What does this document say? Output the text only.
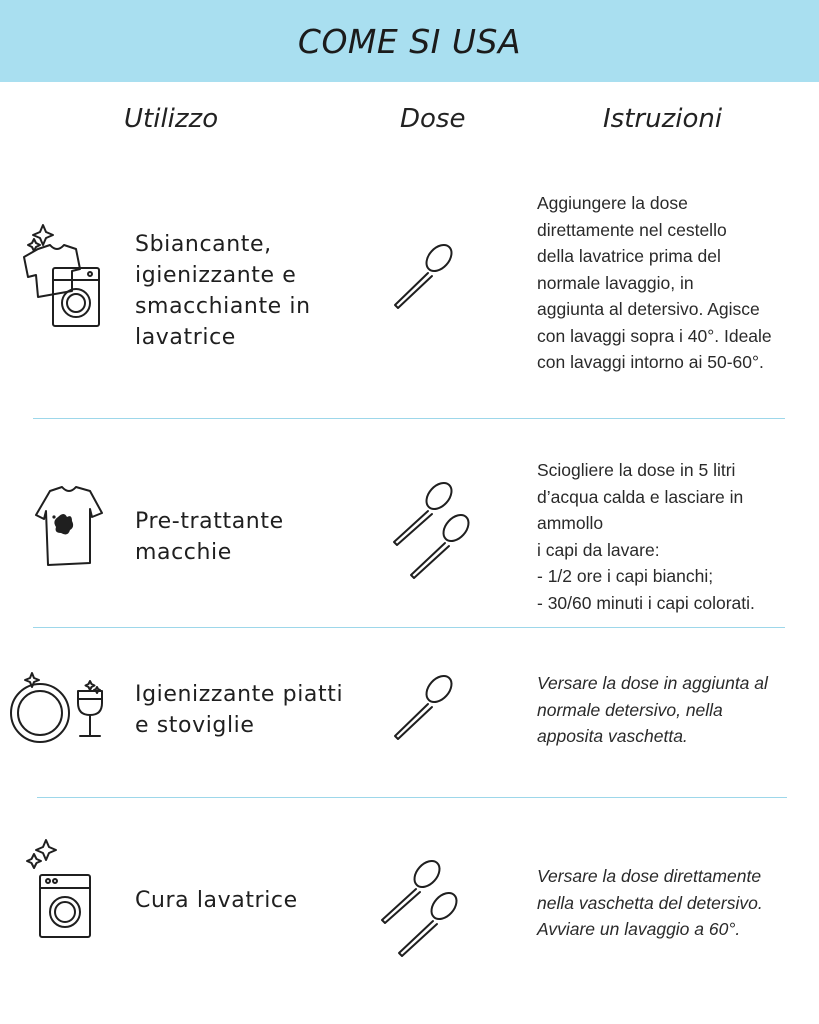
COME SI USA
Utilizzo	Dose	Istruzioni
Sbiancante,
igienizzante e
smacchiante in
lavatrice
Aggiungere la dose
direttamente nel cestello
della lavatrice prima del
normale lavaggio, in
aggiunta al detersivo. Agisce
con lavaggi sopra i 40°. Ideale
con lavaggi intorno ai 50-60°.
Pre-trattante
macchie
Sciogliere la dose in 5 litri
d’acqua calda e lasciare in
ammollo
i capi da lavare:
- 1/2 ore i capi bianchi;
- 30/60 minuti i capi colorati.
Igienizzante piatti
e stoviglie
Versare la dose in aggiunta al
normale detersivo, nella
apposita vaschetta.
Cura lavatrice
Versare la dose direttamente
nella vaschetta del detersivo.
Avviare un lavaggio a 60°.
